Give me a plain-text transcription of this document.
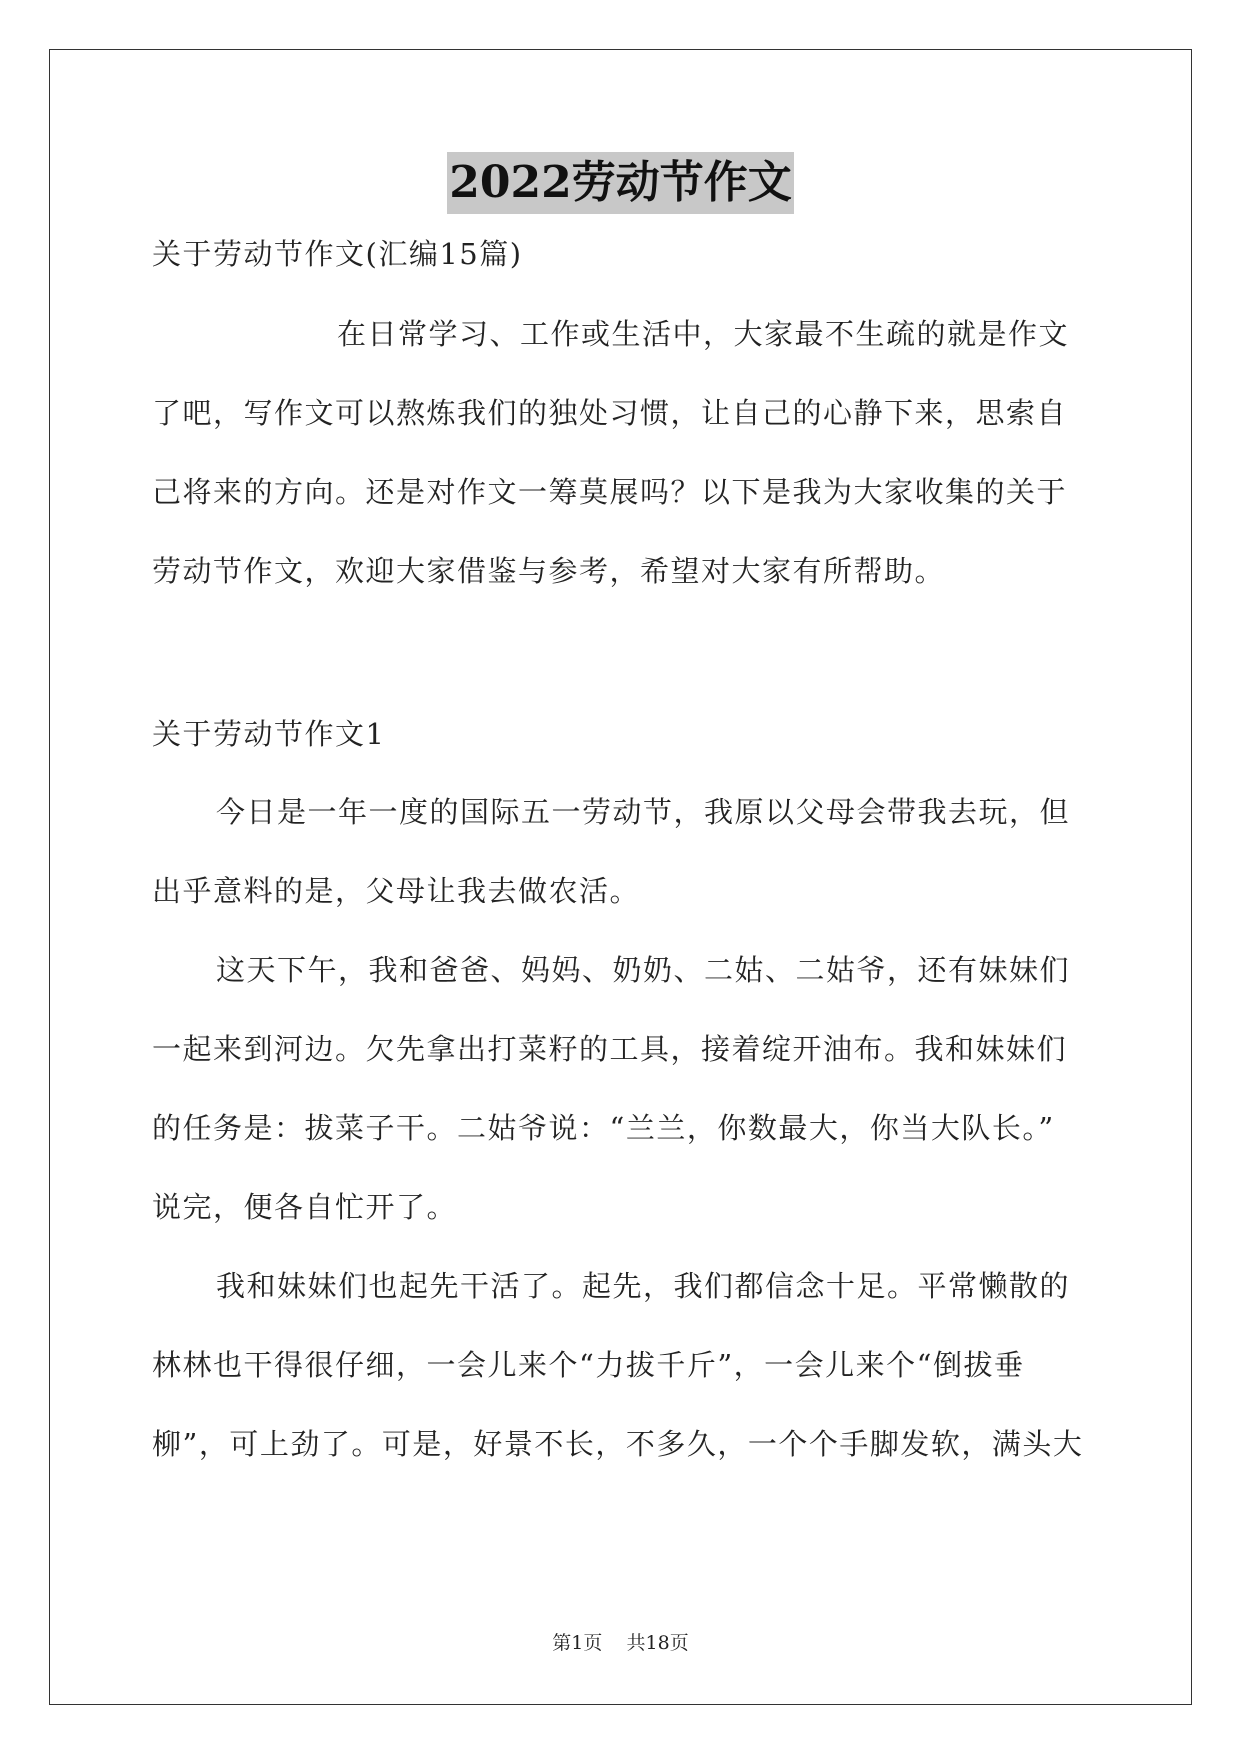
2022劳动节作文

关于劳动节作文(汇编15篇)

在日常学习、工作或生活中，大家最不生疏的就是作文

了吧，写作文可以熬炼我们的独处习惯，让自己的心静下来，思索自

己将来的方向。还是对作文一筹莫展吗？以下是我为大家收集的关于

劳动节作文，欢迎大家借鉴与参考，希望对大家有所帮助。

关于劳动节作文1

今日是一年一度的国际五一劳动节，我原以父母会带我去玩，但

出乎意料的是，父母让我去做农活。

这天下午，我和爸爸、妈妈、奶奶、二姑、二姑爷，还有妹妹们

一起来到河边。欠先拿出打菜籽的工具，接着绽开油布。我和妹妹们

的任务是：拔菜子干。二姑爷说：“兰兰，你数最大，你当大队长。”

说完，便各自忙开了。

我和妹妹们也起先干活了。起先，我们都信念十足。平常懒散的

林林也干得很仔细，一会儿来个“力拔千斤”，一会儿来个“倒拔垂

柳”，可上劲了。可是，好景不长，不多久，一个个手脚发软，满头大

第1页    共18页
